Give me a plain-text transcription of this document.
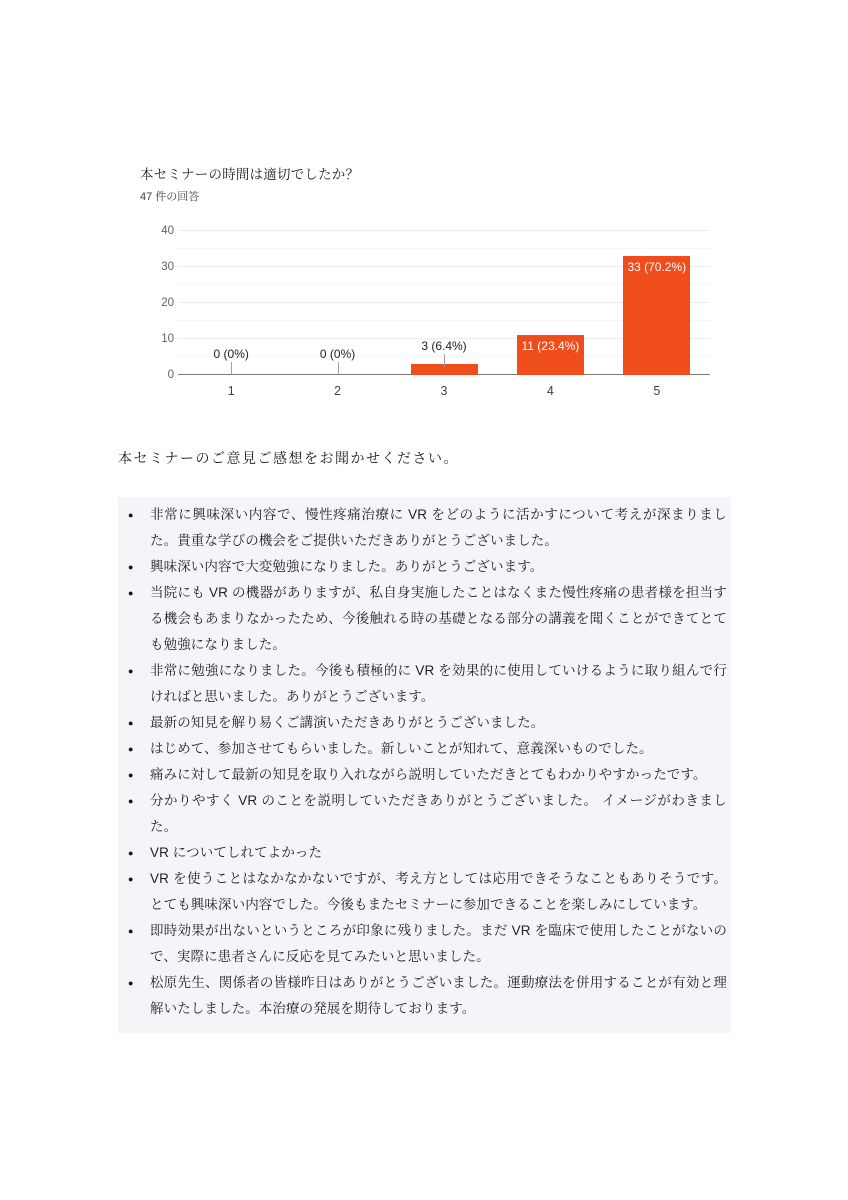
本セミナーの時間は適切でしたか？
47 件の回答
0
10
20
30
40
0 (0%)
1
0 (0%)
2
3 (6.4%)
3
11 (23.4%)
4
33 (70.2%)
5
本セミナーのご意見ご感想をお聞かせください。
●	非常に興味深い内容で、慢性疼痛治療に VR をどのように活かすについて考えが深まりました。貴重な学びの機会をご提供いただきありがとうございました。
●	興味深い内容で大変勉強になりました。ありがとうございます。
●	当院にも VR の機器がありますが、私自身実施したことはなくまた慢性疼痛の患者様を担当する機会もあまりなかったため、今後触れる時の基礎となる部分の講義を聞くことができてとても勉強になりました。
●	非常に勉強になりました。今後も積極的に VR を効果的に使用していけるように取り組んで行ければと思いました。ありがとうございます。
●	最新の知見を解り易くご講演いただきありがとうございました。
●	はじめて、参加させてもらいました。新しいことが知れて、意義深いものでした。
●	痛みに対して最新の知見を取り入れながら説明していただきとてもわかりやすかったです。
●	分かりやすく VR のことを説明していただきありがとうございました。 イメージがわきました。
●	VR についてしれてよかった
●	VR を使うことはなかなかないですが、考え方としては応用できそうなこともありそうです。とても興味深い内容でした。今後もまたセミナーに参加できることを楽しみにしています。
●	即時効果が出ないというところが印象に残りました。まだ VR を臨床で使用したことがないので、実際に患者さんに反応を見てみたいと思いました。
●	松原先生、関係者の皆様昨日はありがとうございました。運動療法を併用することが有効と理解いたしました。本治療の発展を期待しております。
